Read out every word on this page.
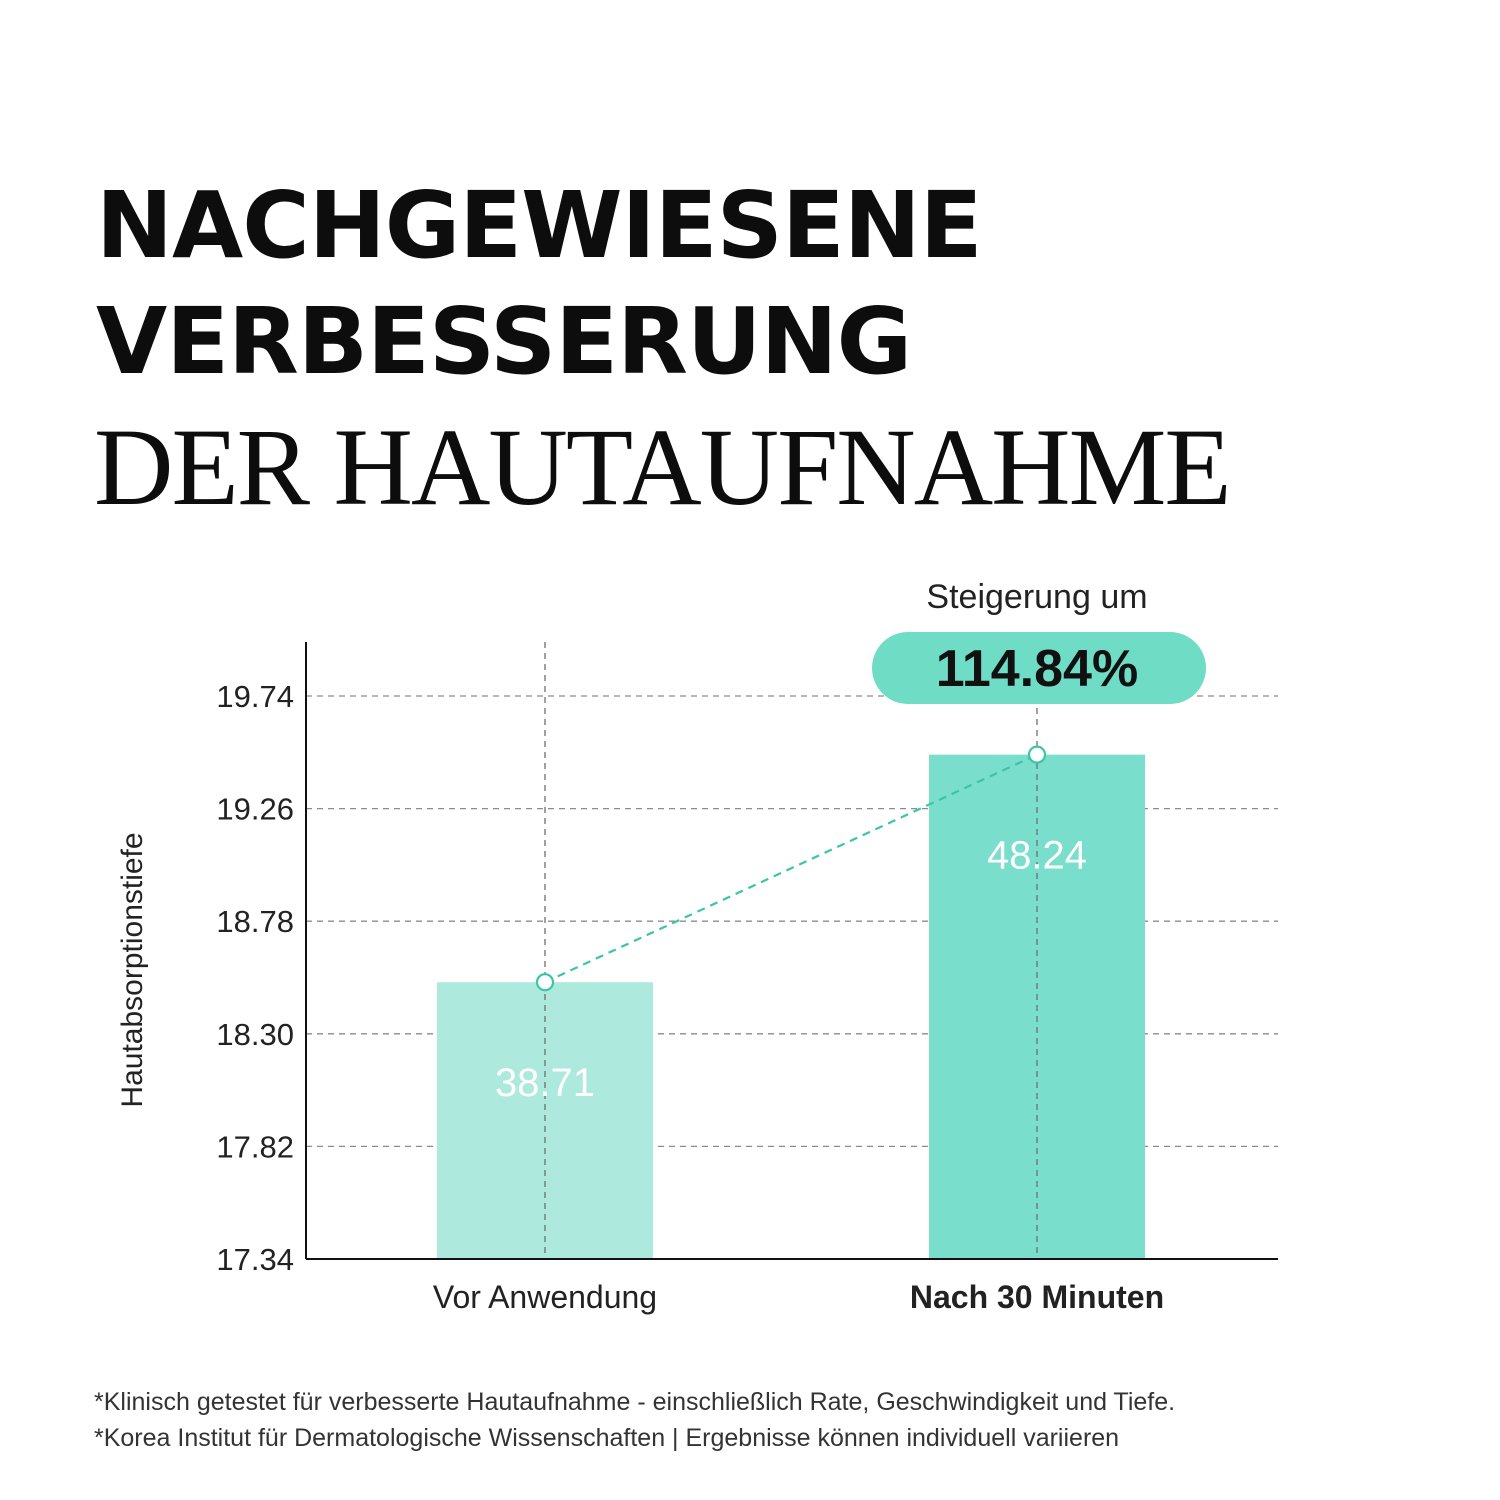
NACHGEWIESENE
VERBESSERUNG
DER HAUTAUFNAHME
17.34
17.82
18.30
18.78
19.26
19.74
38.71
Vor Anwendung
48.24
Nach 30 Minuten
Hautabsorptionstiefe
Steigerung um
114.84%

*Klinisch getestet für verbesserte Hautaufnahme - einschließlich Rate, Geschwindigkeit und Tiefe.

*Korea Institut für Dermatologische Wissenschaften | Ergebnisse können individuell variieren
